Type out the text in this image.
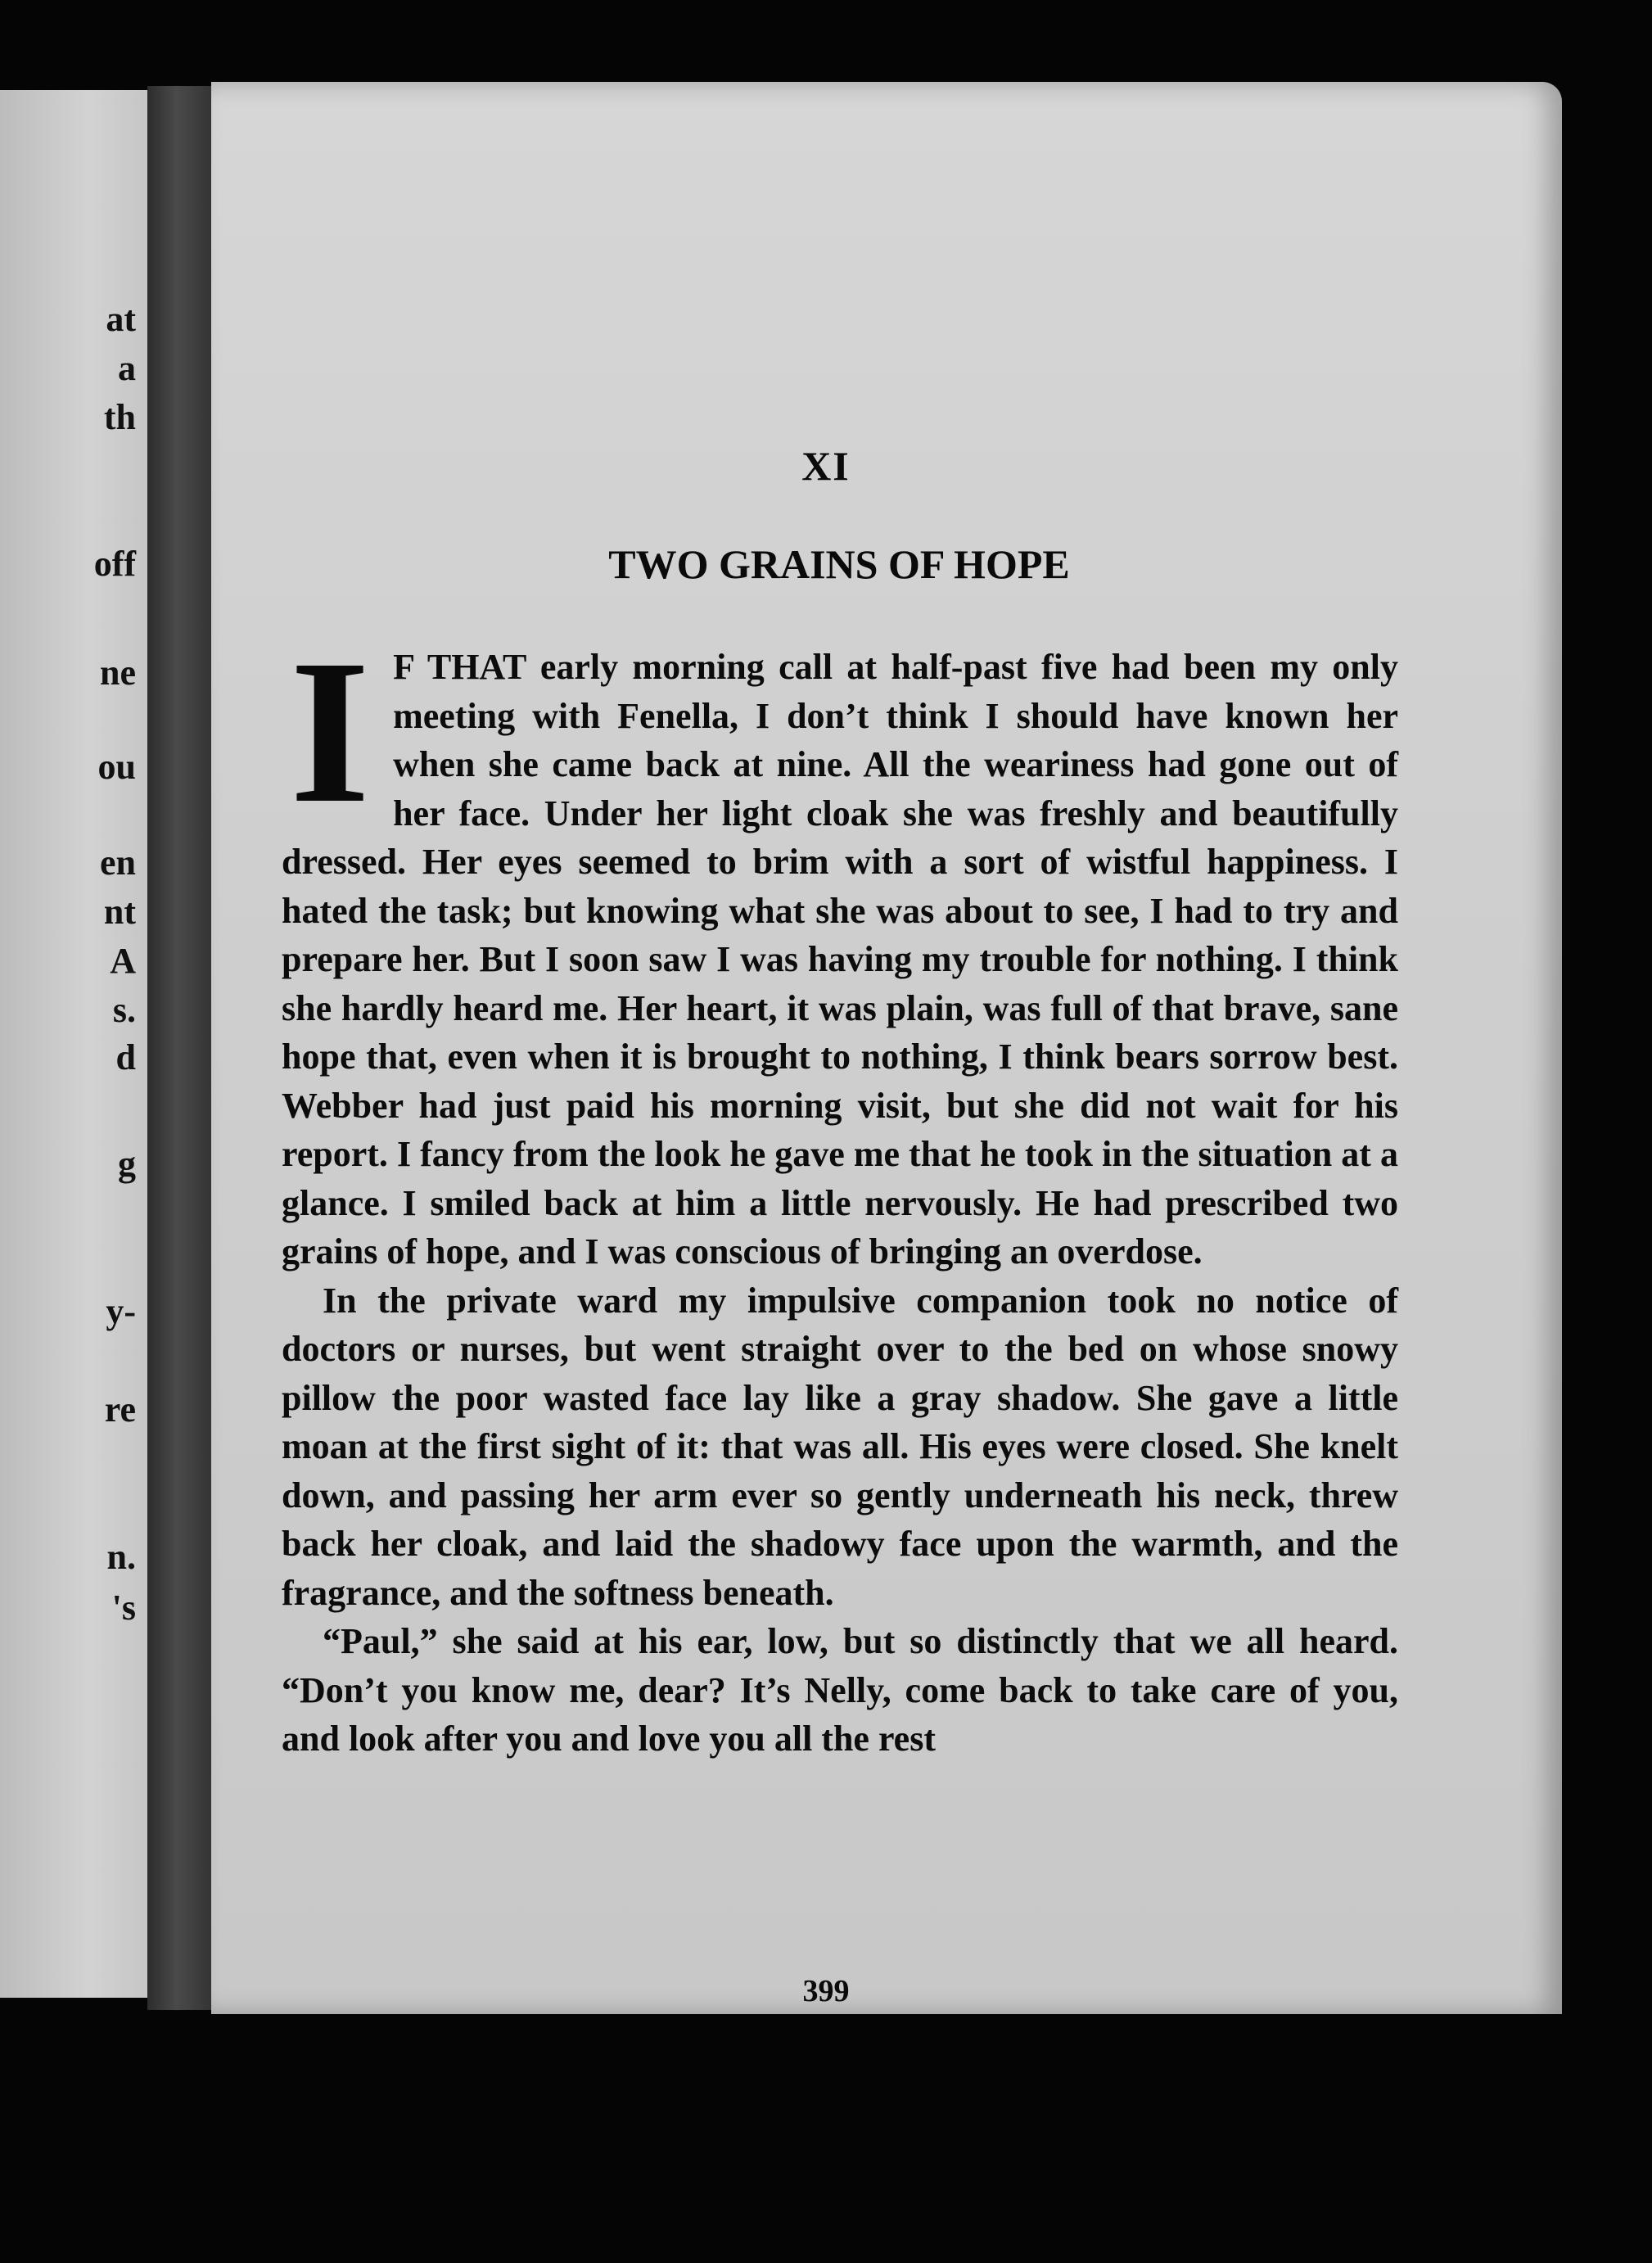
at

a

th

off

ne

ou

en

nt

A

s.

d

g

y-

re

n.

's

XI
TWO GRAINS OF HOPE

I F THAT early morning call at half-past five had been my only meeting with Fenella, I don’t think I should have known her when she came back at nine. All the weariness had gone out of her face. Under her light cloak she was freshly and beautifully dressed. Her eyes seemed to brim with a sort of wistful happiness. I hated the task; but knowing what she was about to see, I had to try and prepare her. But I soon saw I was having my trouble for nothing. I think she hardly heard me. Her heart, it was plain, was full of that brave, sane hope that, even when it is brought to nothing, I think bears sorrow best. Webber had just paid his morning visit, but she did not wait for his report. I fancy from the look he gave me that he took in the situation at a glance. I smiled back at him a little nervously. He had prescribed two grains of hope, and I was conscious of bringing an overdose.

In the private ward my impulsive companion took no notice of doctors or nurses, but went straight over to the bed on whose snowy pillow the poor wasted face lay like a gray shadow. She gave a little moan at the first sight of it: that was all. His eyes were closed. She knelt down, and passing her arm ever so gently underneath his neck, threw back her cloak, and laid the shadowy face upon the warmth, and the fragrance, and the softness beneath.

“Paul,” she said at his ear, low, but so distinctly that we all heard. “Don’t you know me, dear? It’s Nelly, come back to take care of you, and look after you and love you all the rest

399
